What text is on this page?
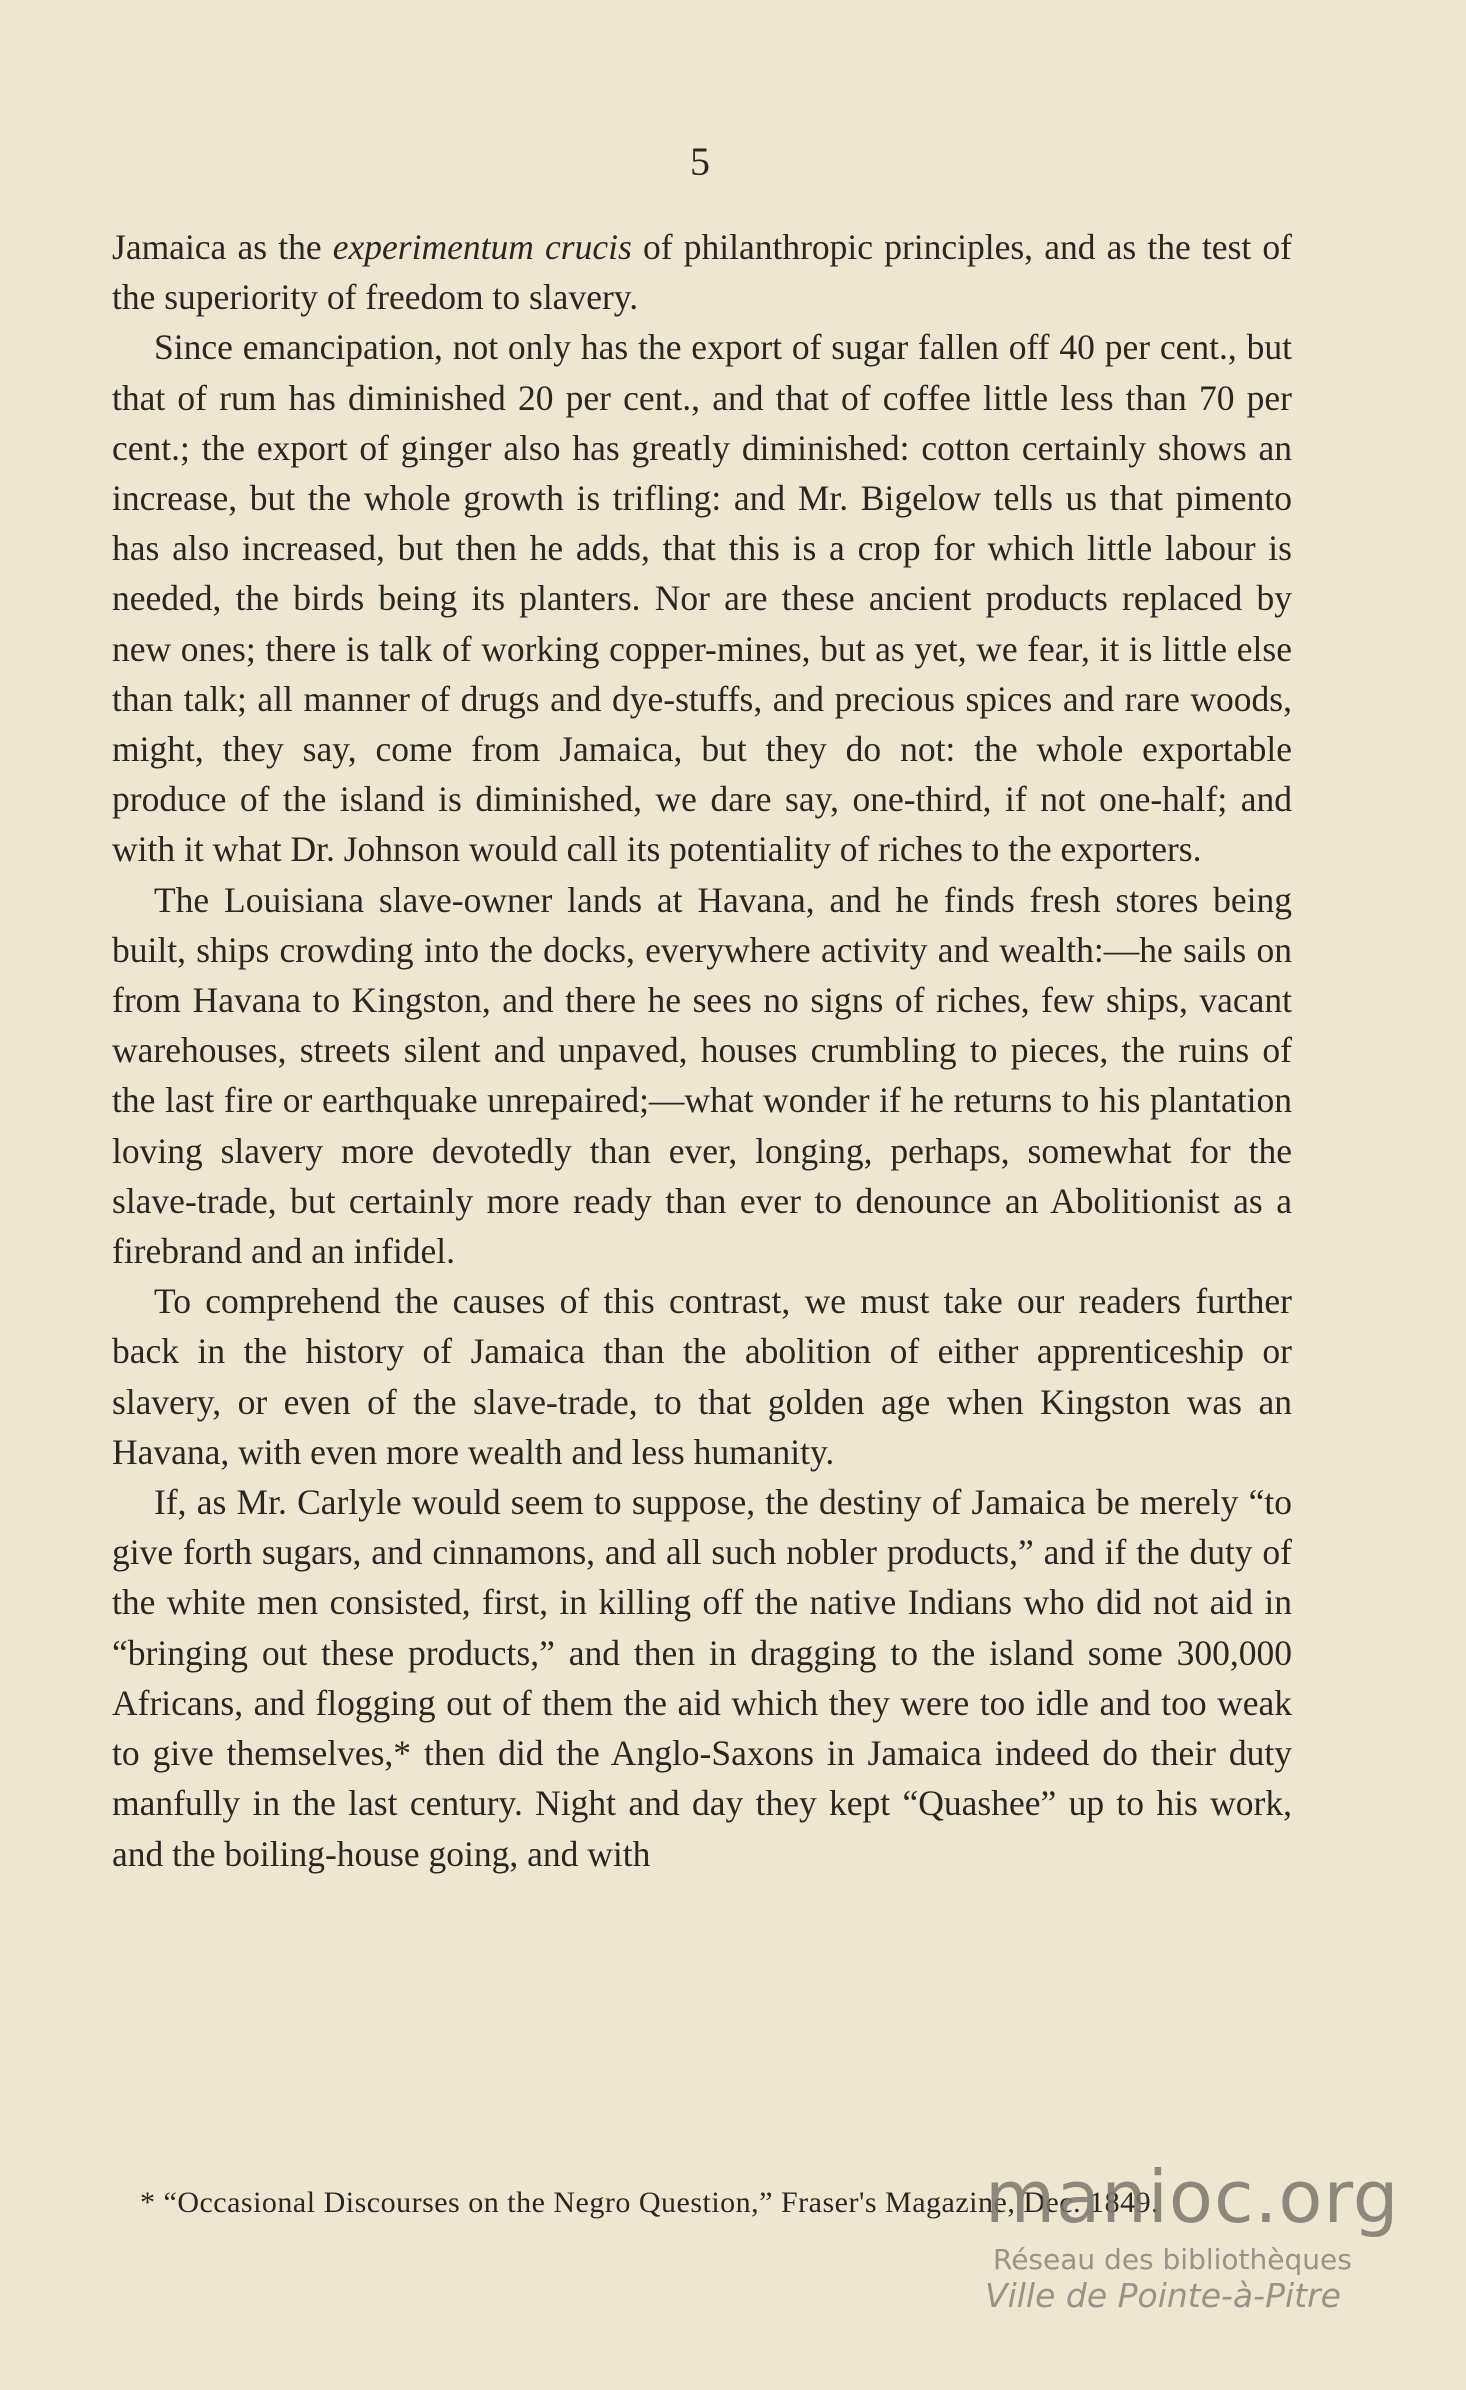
5

Jamaica as the experimentum crucis of philanthropic principles, and as the test of the superiority of freedom to slavery.

Since emancipation, not only has the export of sugar fallen off 40 per cent., but that of rum has diminished 20 per cent., and that of coffee little less than 70 per cent.; the export of ginger also has greatly diminished: cotton certainly shows an increase, but the whole growth is trifling: and Mr. Bigelow tells us that pimento has also increased, but then he adds, that this is a crop for which little labour is needed, the birds being its planters. Nor are these ancient products replaced by new ones; there is talk of working copper-mines, but as yet, we fear, it is little else than talk; all manner of drugs and dye-stuffs, and precious spices and rare woods, might, they say, come from Jamaica, but they do not: the whole exportable produce of the island is diminished, we dare say, one-third, if not one-half; and with it what Dr. Johnson would call its potentiality of riches to the exporters.

The Louisiana slave-owner lands at Havana, and he finds fresh stores being built, ships crowding into the docks, everywhere activity and wealth:—he sails on from Havana to Kingston, and there he sees no signs of riches, few ships, vacant warehouses, streets silent and unpaved, houses crumbling to pieces, the ruins of the last fire or earthquake unrepaired;—what wonder if he returns to his plantation loving slavery more devotedly than ever, longing, perhaps, somewhat for the slave-trade, but certainly more ready than ever to denounce an Abolitionist as a firebrand and an infidel.

To comprehend the causes of this contrast, we must take our readers further back in the history of Jamaica than the abolition of either apprenticeship or slavery, or even of the slave-trade, to that golden age when Kingston was an Havana, with even more wealth and less humanity.

If, as Mr. Carlyle would seem to suppose, the destiny of Jamaica be merely “to give forth sugars, and cinnamons, and all such nobler products,” and if the duty of the white men consisted, first, in killing off the native Indians who did not aid in “bringing out these products,” and then in dragging to the island some 300,000 Africans, and flogging out of them the aid which they were too idle and too weak to give themselves,* then did the Anglo-Saxons in Jamaica indeed do their duty manfully in the last century. Night and day they kept “Quashee” up to his work, and the boiling-house going, and with

* “Occasional Discourses on the Negro Question,” Fraser's Magazine, Dec. 1849.

manioc.org
Réseau des bibliothèques
Ville de Pointe-à-Pitre
